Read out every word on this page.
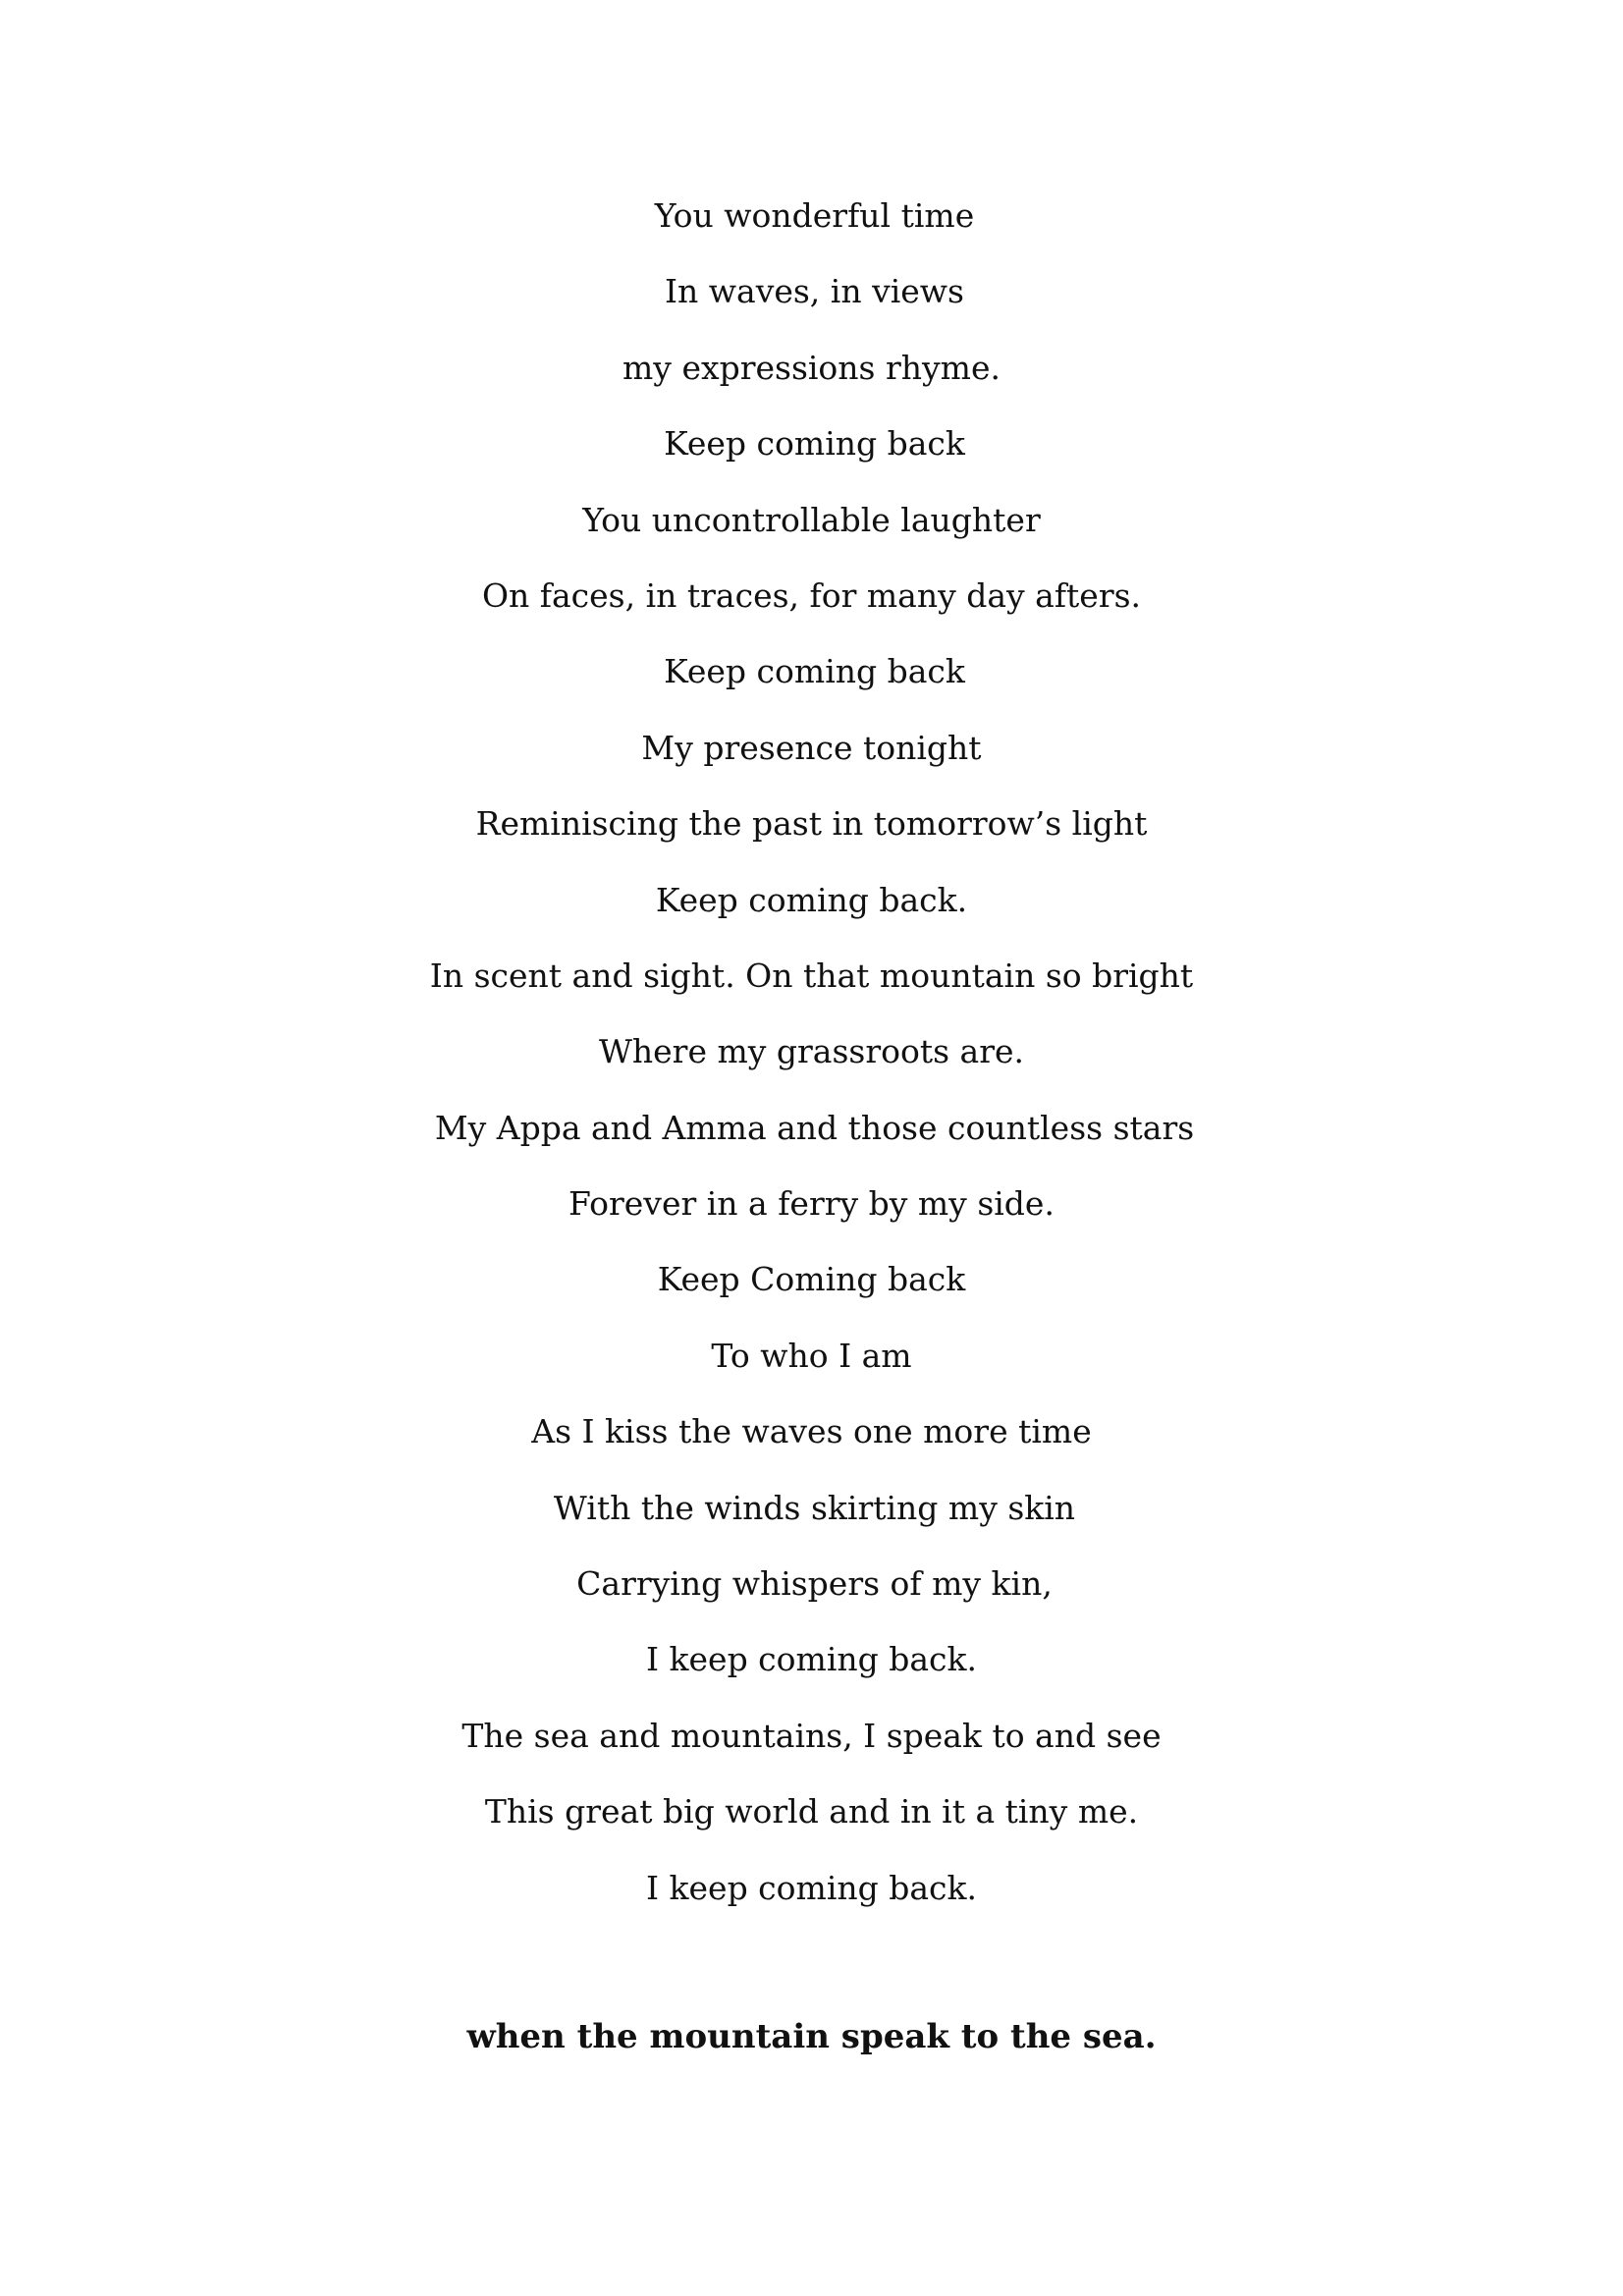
You wonderful time
In waves, in views
my expressions rhyme.
Keep coming back
You uncontrollable laughter
On faces, in traces, for many day afters.
Keep coming back
My presence tonight
Reminiscing the past in tomorrow’s light
Keep coming back.
In scent and sight. On that mountain so bright
Where my grassroots are.
My Appa and Amma and those countless stars
Forever in a ferry by my side.
Keep Coming back
To who I am
As I kiss the waves one more time
With the winds skirting my skin
Carrying whispers of my kin,
I keep coming back.
The sea and mountains, I speak to and see
This great big world and in it a tiny me.
I keep coming back.
when the mountain speak to the sea.
